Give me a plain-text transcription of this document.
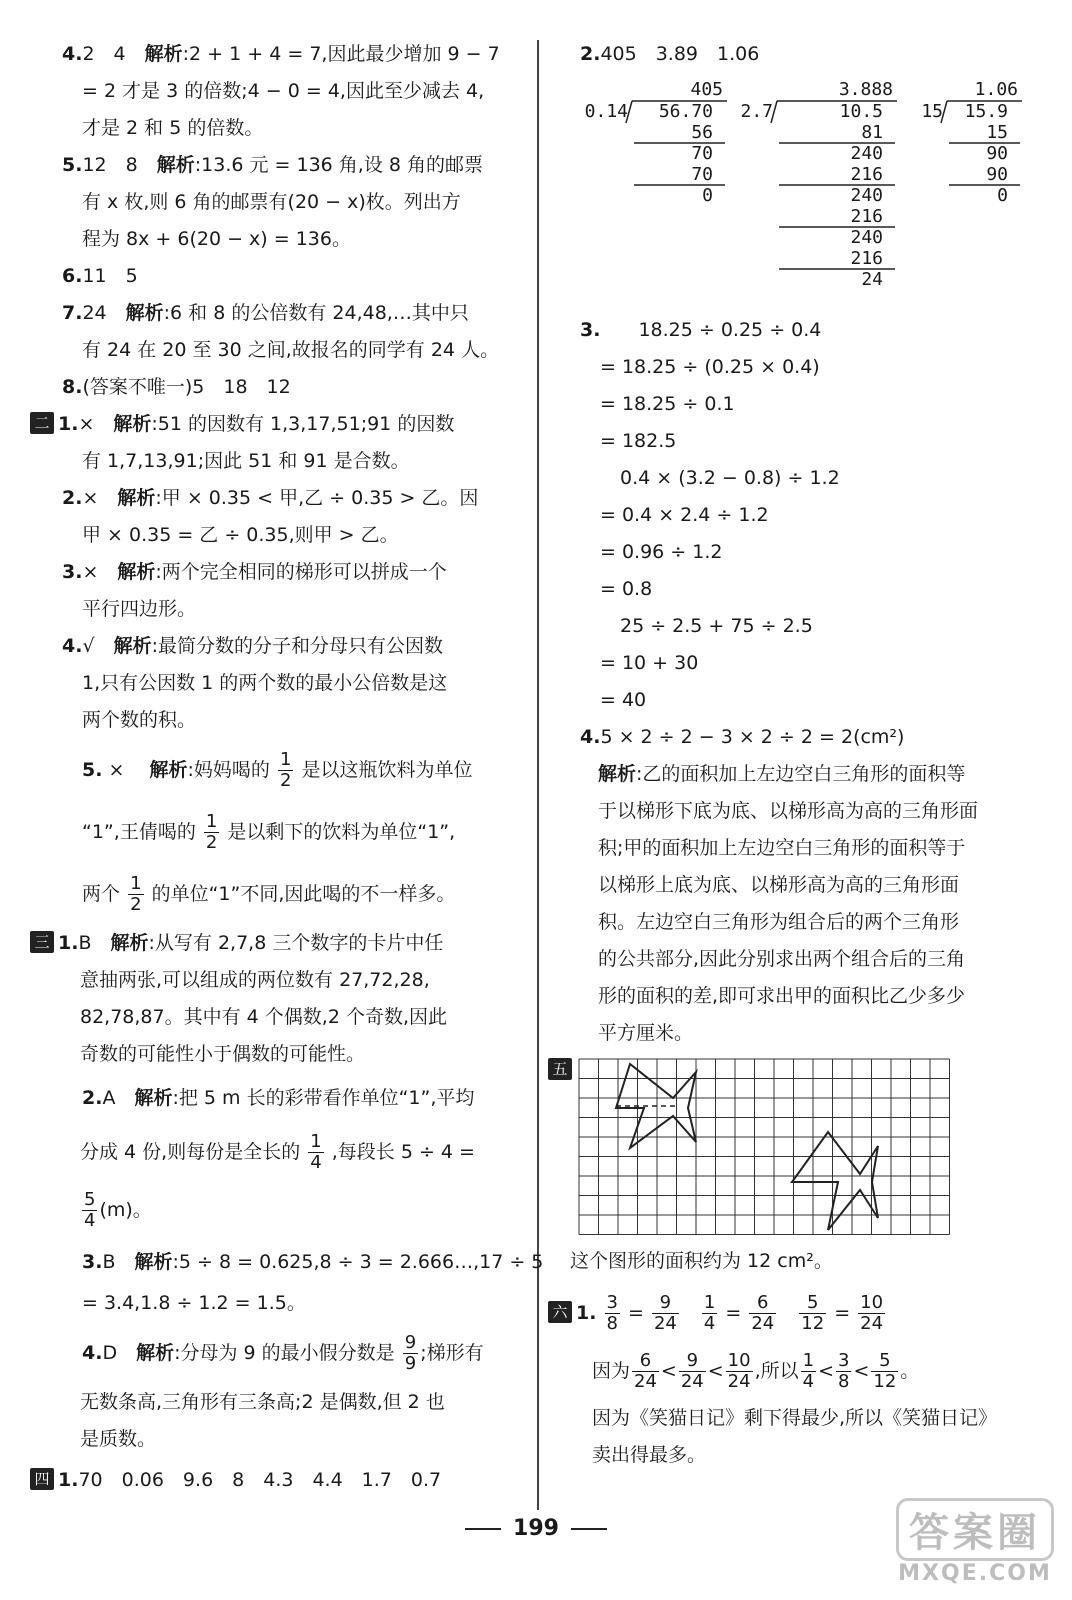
4.2　4　解析:2 + 1 + 4 = 7,因此最少增加 9 − 7
= 2 才是 3 的倍数;4 − 0 = 4,因此至少减去 4,
才是 2 和 5 的倍数。
5.12　8　解析:13.6 元 = 136 角,设 8 角的邮票
有 x 枚,则 6 角的邮票有(20 − x)枚。列出方
程为 8x + 6(20 − x) = 136。
6.11　5
7.24　解析:6 和 8 的公倍数有 24,48,…其中只
有 24 在 20 至 30 之间,故报名的同学有 24 人。
8.(答案不唯一)5　18　12
二 1.×　解析:51 的因数有 1,3,17,51;91 的因数
有 1,7,13,91;因此 51 和 91 是合数。
2.×　解析:甲 × 0.35 < 甲,乙 ÷ 0.35 > 乙。因
甲 × 0.35 = 乙 ÷ 0.35,则甲 > 乙。
3.×　解析:两个完全相同的梯形可以拼成一个
平行四边形。
4.√　解析:最简分数的分子和分母只有公因数
1,只有公因数 1 的两个数的最小公倍数是这
两个数的积。
5. ×　 解析:妈妈喝的 $\frac{1}{2}$ 是以这瓶饮料为单位
“1”,王倩喝的 $\frac{1}{2}$ 是以剩下的饮料为单位“1”,
两个 $\frac{1}{2}$ 的单位“1”不同,因此喝的不一样多。
三 1.B　解析:从写有 2,7,8 三个数字的卡片中任
意抽两张,可以组成的两位数有 27,72,28,
82,78,87。其中有 4 个偶数,2 个奇数,因此
奇数的可能性小于偶数的可能性。
2.A　解析:把 5 m 长的彩带看作单位“1”,平均
分成 4 份,则每份是全长的 $\frac{1}{4}$ ,每段长 5 ÷ 4 =
$\frac{5}{4} (m)$。
3.B　解析:5 ÷ 8 = 0.625,8 ÷ 3 = 2.666…,17 ÷ 5
= 3.4,1.8 ÷ 1.2 = 1.5。
4.D　解析:分母为 9 的最小假分数是 $\frac{9}{9}$ ;梯形有
无数条高,三角形有三条高;2 是偶数,但 2 也
是质数。
四 1.70　0.06　9.6　8　4.3　4.4　1.7　0.7
2.405　3.89　1.06
405
0.14 56.70
56
70
70
0
3.888
2.7	10.5
81
240
216
240
216
240
216
24
1.06
15 15.9
15
90
90
0
3.　　18.25 ÷ 0.25 ÷ 0.4
= 18.25 ÷ (0.25 × 0.4)
= 18.25 ÷ 0.1
= 182.5
0.4 × (3.2 − 0.8) ÷ 1.2
= 0.4 × 2.4 ÷ 1.2
= 0.96 ÷ 1.2
= 0.8
25 ÷ 2.5 + 75 ÷ 2.5
= 10 + 30
= 40
4.5 × 2 ÷ 2 − 3 × 2 ÷ 2 = 2(cm²)
解析:乙的面积加上左边空白三角形的面积等
于以梯形下底为底、以梯形高为高的三角形面
积;甲的面积加上左边空白三角形的面积等于
以梯形上底为底、以梯形高为高的三角形面
积。左边空白三角形为组合后的两个三角形
的公共部分,因此分别求出两个组合后的三角
形的面积的差,即可求出甲的面积比乙少多少
平方厘米。
五
这个图形的面积约为 12 cm²。
六 1. $\frac{3}{8} = \frac{9}{24}$
　 $\frac{1}{4} = \frac{6}{24}$
　 $\frac{5}{12} = \frac{10}{24}$
因为 $\frac{6}{24} < \frac{9}{24} < \frac{10}{24}$ ,所以 $\frac{1}{4} < \frac{3}{8} < \frac{5}{12}$ 。
因为《笑猫日记》剩下得最少,所以《笑猫日记》
卖出得最多。
199	答案圈
MXQE.COM
